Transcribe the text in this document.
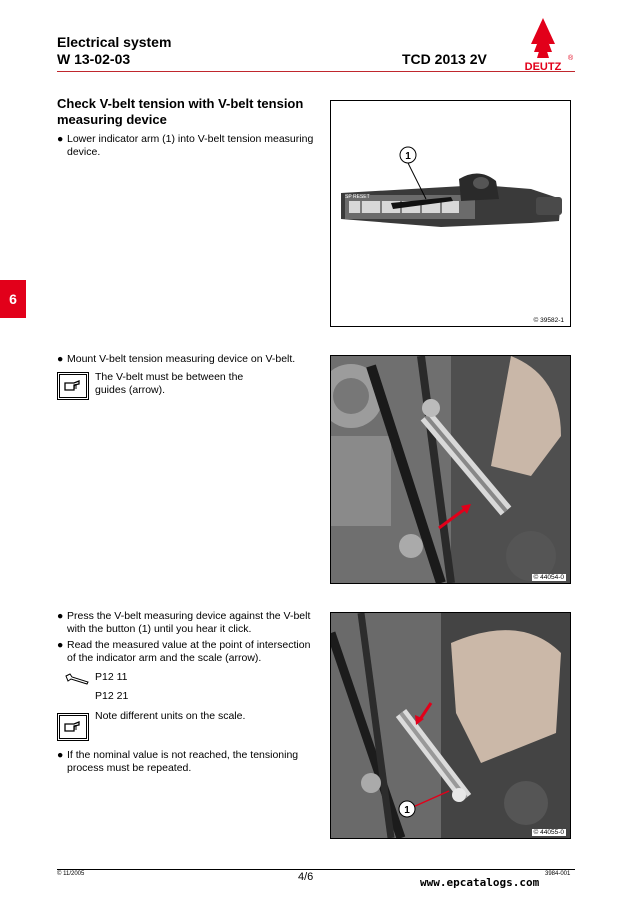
Electrical system
W 13-02-03	TCD 2013 2V	DEUTZ
®
6
Check V-belt tension with V-belt tension measuring device
● Lower indicator arm (1) into V-belt tension measuring device.
SP RESET
1
© 39582-1
● Mount V-belt tension measuring device on V-belt.
The V-belt must be between the guides (arrow).
© 44054-0
● Press the V-belt measuring device against the V-belt with the button (1) until you hear it click.
● Read the measured value at the point of intersection of the indicator arm and the scale (arrow).
P12 11
P12 21
Note different units on the scale.
● If the nominal value is not reached, the tensioning process must be repeated.
1
© 44055-0
© 11/2005	4/6	3984-001
www.epcatalogs.com
